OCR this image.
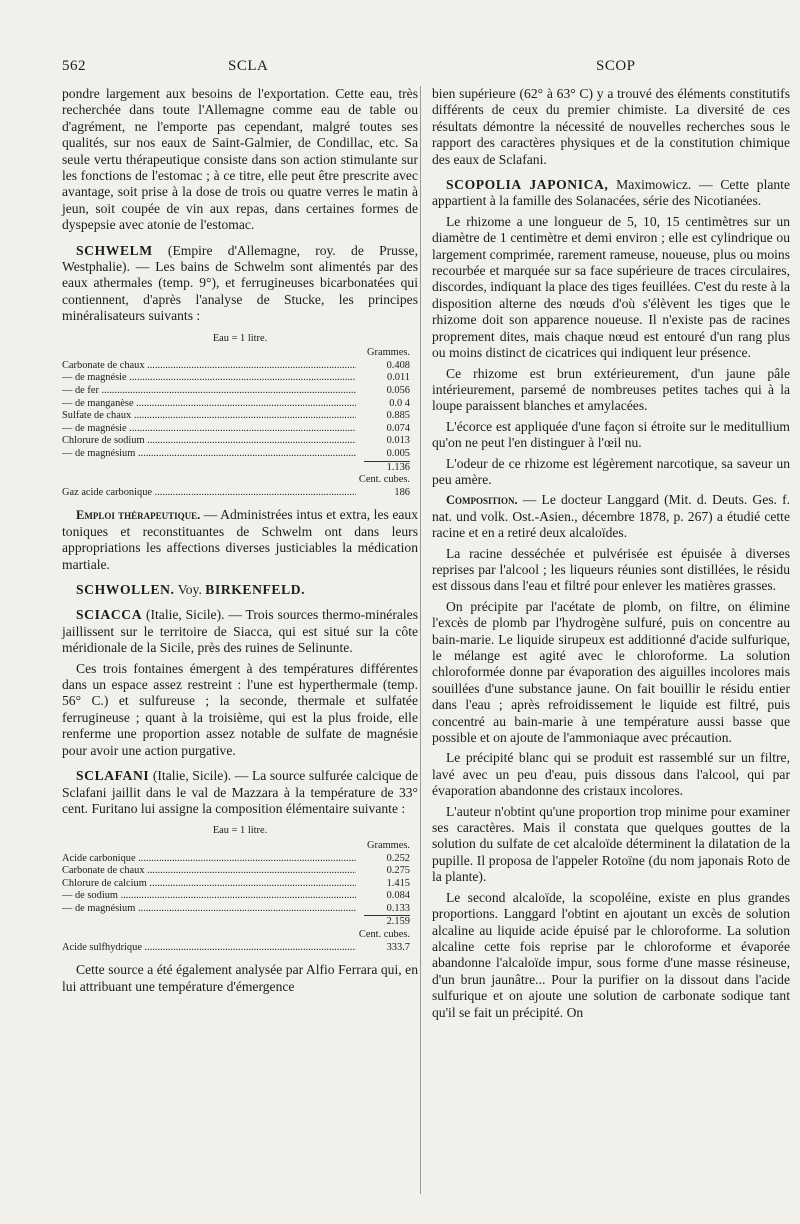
562	SCLA	SCOP

pondre largement aux besoins de l'exportation. Cette eau, très recherchée dans toute l'Allemagne comme eau de table ou d'agrément, ne l'emporte pas cependant, malgré toutes ses qualités, sur nos eaux de Saint-Galmier, de Condillac, etc. Sa seule vertu thérapeutique consiste dans son action stimulante sur les fonctions de l'estomac ; à ce titre, elle peut être prescrite avec avantage, soit prise à la dose de trois ou quatre verres le matin à jeun, soit coupée de vin aux repas, dans certaines formes de dyspepsie avec atonie de l'estomac.

SCHWELM (Empire d'Allemagne, roy. de Prusse, Westphalie). — Les bains de Schwelm sont alimentés par des eaux athermales (temp. 9°), et ferrugineuses bicarbonatées qui contiennent, d'après l'analyse de Stucke, les principes minéralisateurs suivants :

Eau = 1 litre.
Grammes.
Carbonate de chaux .....	0.408
— de magnésie .....	0.011
— de fer .....	0.056
— de manganèse .....	0.0 4
Sulfate de chaux .....	0.885
— de magnésie .....	0.074
Chlorure de sodium .....	0.013
— de magnésium .....	0.005
1.136
Cent. cubes.
Gaz acide carbonique .....	186

Emploi thérapeutique. — Administrées intus et extra, les eaux toniques et reconstituantes de Schwelm ont dans leurs appropriations les affections diverses justiciables la médication martiale.

SCHWOLLEN. Voy. BIRKENFELD.

SCIACCA (Italie, Sicile). — Trois sources thermo-minérales jaillissent sur le territoire de Siacca, qui est situé sur la côte méridionale de la Sicile, près des ruines de Selinunte.

Ces trois fontaines émergent à des températures différentes dans un espace assez restreint : l'une est hyperthermale (temp. 56° C.) et sulfureuse ; la seconde, thermale et sulfatée ferrugineuse ; quant à la troisième, qui est la plus froide, elle renferme une proportion assez notable de sulfate de magnésie pour avoir une action purgative.

SCLAFANI (Italie, Sicile). — La source sulfurée calcique de Sclafani jaillit dans le val de Mazzara à la température de 33° cent. Furitano lui assigne la composition élémentaire suivante :

Eau = 1 litre.
Grammes.
Acide carbonique .....	0.252
Carbonate de chaux .....	0.275
Chlorure de calcium .....	1.415
— de sodium .....	0.084
— de magnésium .....	0.133
2.159
Cent. cubes.
Acide sulfhydrique .....	333.7

Cette source a été également analysée par Alfio Ferrara qui, en lui attribuant une température d'émergence

bien supérieure (62° à 63° C) y a trouvé des éléments constitutifs différents de ceux du premier chimiste. La diversité de ces résultats démontre la nécessité de nouvelles recherches sous le rapport des caractères physiques et de la constitution chimique des eaux de Sclafani.

SCOPOLIA JAPONICA, Maximowicz. — Cette plante appartient à la famille des Solanacées, série des Nicotianées.

Le rhizome a une longueur de 5, 10, 15 centimètres sur un diamètre de 1 centimètre et demi environ ; elle est cylindrique ou largement comprimée, rarement rameuse, noueuse, plus ou moins recourbée et marquée sur sa face supérieure de traces circulaires, discordes, indiquant la place des tiges feuillées. C'est du reste à la disposition alterne des nœuds d'où s'élèvent les tiges que le rhizome doit son apparence noueuse. Il n'existe pas de racines proprement dites, mais chaque nœud est entouré d'un rang plus ou moins distinct de cicatrices qui indiquent leur présence.

Ce rhizome est brun extérieurement, d'un jaune pâle intérieurement, parsemé de nombreuses petites taches qui à la loupe paraissent blanches et amylacées.

L'écorce est appliquée d'une façon si étroite sur le meditullium qu'on ne peut l'en distinguer à l'œil nu.

L'odeur de ce rhizome est légèrement narcotique, sa saveur un peu amère.

Composition. — Le docteur Langgard (Mit. d. Deuts. Ges. f. nat. und volk. Ost.-Asien., décembre 1878, p. 267) a étudié cette racine et en a retiré deux alcaloïdes.

La racine desséchée et pulvérisée est épuisée à diverses reprises par l'alcool ; les liqueurs réunies sont distillées, le résidu est dissous dans l'eau et filtré pour enlever les matières grasses.

On précipite par l'acétate de plomb, on filtre, on élimine l'excès de plomb par l'hydrogène sulfuré, puis on concentre au bain-marie. Le liquide sirupeux est additionné d'acide sulfurique, le mélange est agité avec le chloroforme. La solution chloroformée donne par évaporation des aiguilles incolores mais souillées d'une substance jaune. On fait bouillir le résidu entier dans l'eau ; après refroidissement le liquide est filtré, puis concentré au bain-marie à une température aussi basse que possible et on ajoute de l'ammoniaque avec précaution.

Le précipité blanc qui se produit est rassemblé sur un filtre, lavé avec un peu d'eau, puis dissous dans l'alcool, qui par évaporation abandonne des cristaux incolores.

L'auteur n'obtint qu'une proportion trop minime pour examiner ses caractères. Mais il constata que quelques gouttes de la solution du sulfate de cet alcaloïde déterminent la dilatation de la pupille. Il proposa de l'appeler Rotoïne (du nom japonais Roto de la plante).

Le second alcaloïde, la scopoléine, existe en plus grandes proportions. Langgard l'obtint en ajoutant un excès de solution alcaline au liquide acide épuisé par le chloroforme. La solution alcaline cette fois reprise par le chloroforme et évaporée abandonne l'alcaloïde impur, sous forme d'une masse résineuse, d'un brun jaunâtre... Pour la purifier on la dissout dans l'acide sulfurique et on ajoute une solution de carbonate sodique tant qu'il se fait un précipité. On
